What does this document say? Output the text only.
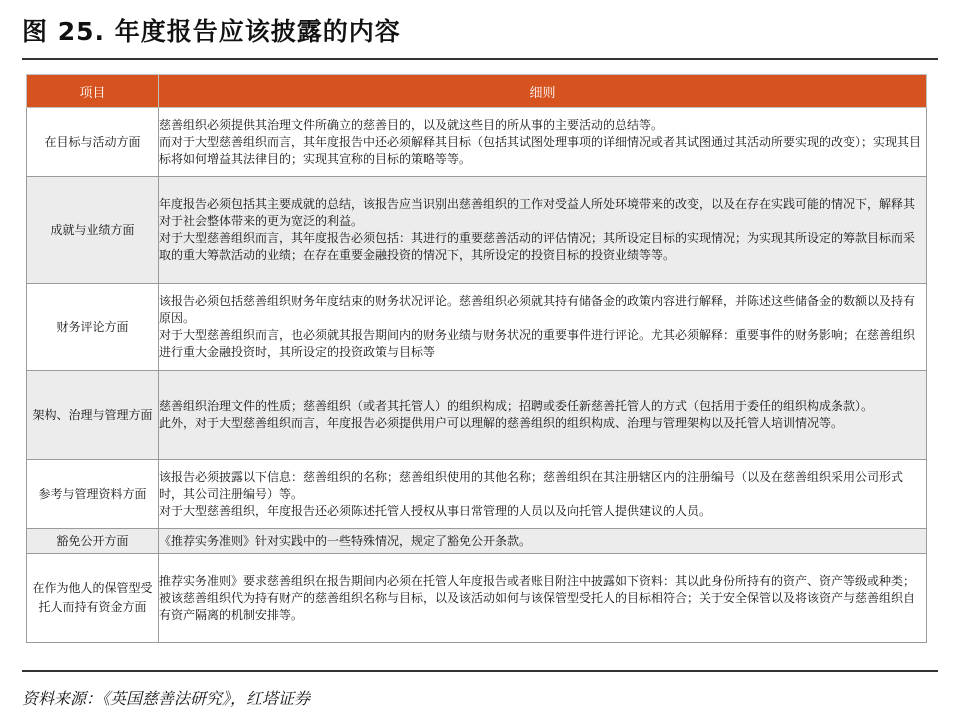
图 25. 年度报告应该披露的内容
项目	细则
在目标与活动方面	慈善组织必须提供其治理文件所确立的慈善目的，以及就这些目的所从事的主要活动的总结等。

而对于大型慈善组织而言，其年度报告中还必须解释其目标（包括其试图处理事项的详细情况或者其试图通过其活动所要实现的改变）；实现其目标将如何增益其法律目的；实现其宣称的目标的策略等等。

成就与业绩方面	年度报告必须包括其主要成就的总结，该报告应当识别出慈善组织的工作对受益人所处环境带来的改变，以及在存在实践可能的情况下，解释其对于社会整体带来的更为宽泛的利益。

对于大型慈善组织而言，其年度报告必须包括：其进行的重要慈善活动的评估情况；其所设定目标的实现情况；为实现其所设定的筹款目标而采取的重大筹款活动的业绩；在存在重要金融投资的情况下，其所设定的投资目标的投资业绩等等。

财务评论方面	该报告必须包括慈善组织财务年度结束的财务状况评论。慈善组织必须就其持有储备金的政策内容进行解释，并陈述这些储备金的数额以及持有原因。

对于大型慈善组织而言，也必须就其报告期间内的财务业绩与财务状况的重要事件进行评论。尤其必须解释：重要事件的财务影响；在慈善组织进行重大金融投资时，其所设定的投资政策与目标等

架构、治理与管理方面	慈善组织治理文件的性质；慈善组织（或者其托管人）的组织构成；招聘或委任新慈善托管人的方式（包括用于委任的组织构成条款）。

此外，对于大型慈善组织而言，年度报告必须提供用户可以理解的慈善组织的组织构成、治理与管理架构以及托管人培训情况等。

参考与管理资料方面	该报告必须披露以下信息：慈善组织的名称；慈善组织使用的其他名称；慈善组织在其注册辖区内的注册编号（以及在慈善组织采用公司形式时，其公司注册编号）等。

对于大型慈善组织，年度报告还必须陈述托管人授权从事日常管理的人员以及向托管人提供建议的人员。

豁免公开方面	《推荐实务准则》针对实践中的一些特殊情况，规定了豁免公开条款。

在作为他人的保管型受托人而持有资金方面	推荐实务准则》要求慈善组织在报告期间内必须在托管人年度报告或者账目附注中披露如下资料：其以此身份所持有的资产、资产等级或种类；被该慈善组织代为持有财产的慈善组织名称与目标，以及该活动如何与该保管型受托人的目标相符合；关于安全保管以及将该资产与慈善组织自有资产隔离的机制安排等。

资料来源：《英国慈善法研究》，红塔证券
